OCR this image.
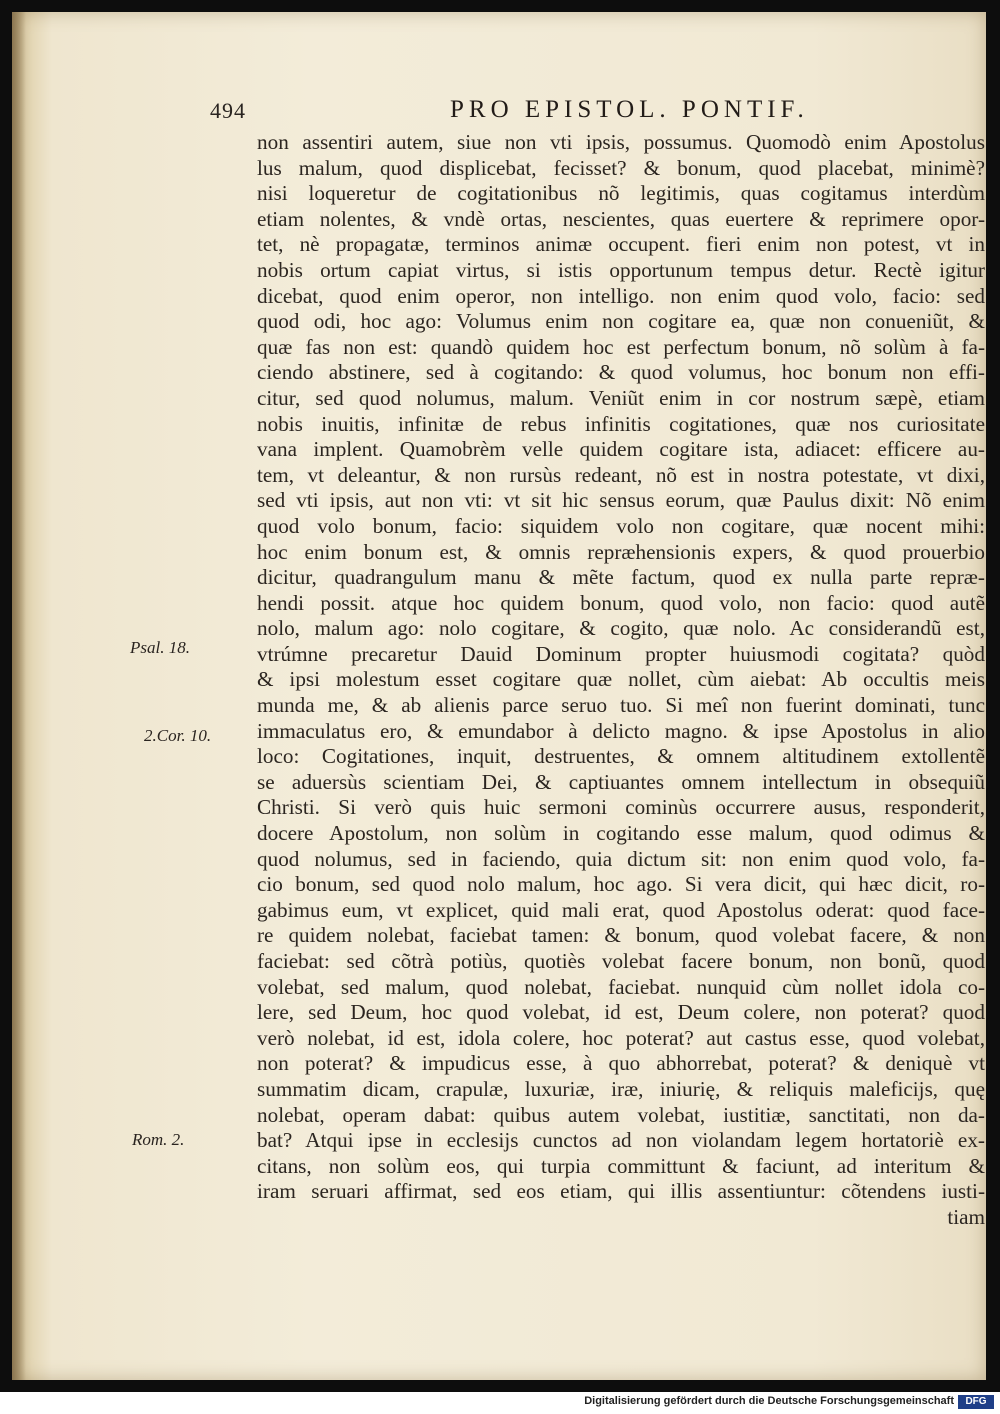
494	PRO EPISTOL. PONTIF.
Psal. 18.
2.Cor. 10.
Rom. 2.
non assentiri autem, siue non vti ipsis, possumus. Quomodò enim Apostolus
lus malum, quod displicebat, fecisset? & bonum, quod placebat, minimè?
nisi loqueretur de cogitationibus nõ legitimis, quas cogitamus interdùm
etiam nolentes, & vndè ortas, nescientes, quas euertere & reprimere opor-
tet, nè propagatæ, terminos animæ occupent. fieri enim non potest, vt in
nobis ortum capiat virtus, si istis opportunum tempus detur. Rectè igitur
dicebat, quod enim operor, non intelligo. non enim quod volo, facio: sed
quod odi, hoc ago: Volumus enim non cogitare ea, quæ non conueniũt, &
quæ fas non est: quandò quidem hoc est perfectum bonum, nõ solùm à fa-
ciendo abstinere, sed à cogitando: & quod volumus, hoc bonum non effi-
citur, sed quod nolumus, malum. Veniũt enim in cor nostrum sæpè, etiam
nobis inuitis, infinitæ de rebus infinitis cogitationes, quæ nos curiositate
vana implent. Quamobrèm velle quidem cogitare ista, adiacet: efficere au-
tem, vt deleantur, & non rursùs redeant, nõ est in nostra potestate, vt dixi,
sed vti ipsis, aut non vti: vt sit hic sensus eorum, quæ Paulus dixit: Nõ enim
quod volo bonum, facio: siquidem volo non cogitare, quæ nocent mihi:
hoc enim bonum est, & omnis repræhensionis expers, & quod prouerbio
dicitur, quadrangulum manu & mẽte factum, quod ex nulla parte repræ-
hendi possit. atque hoc quidem bonum, quod volo, non facio: quod autẽ
nolo, malum ago: nolo cogitare, & cogito, quæ nolo. Ac considerandũ est,
vtrúmne precaretur Dauid Dominum propter huiusmodi cogitata? quòd
& ipsi molestum esset cogitare quæ nollet, cùm aiebat: Ab occultis meis
munda me, & ab alienis parce seruo tuo. Si meî non fuerint dominati, tunc
immaculatus ero, & emundabor à delicto magno. & ipse Apostolus in alio
loco: Cogitationes, inquit, destruentes, & omnem altitudinem extollentẽ
se aduersùs scientiam Dei, & captiuantes omnem intellectum in obsequiũ
Christi. Si verò quis huic sermoni cominùs occurrere ausus, responderit,
docere Apostolum, non solùm in cogitando esse malum, quod odimus &
quod nolumus, sed in faciendo, quia dictum sit: non enim quod volo, fa-
cio bonum, sed quod nolo malum, hoc ago. Si vera dicit, qui hæc dicit, ro-
gabimus eum, vt explicet, quid mali erat, quod Apostolus oderat: quod face-
re quidem nolebat, faciebat tamen: & bonum, quod volebat facere, & non
faciebat: sed cõtrà potiùs, quotiès volebat facere bonum, non bonũ, quod
volebat, sed malum, quod nolebat, faciebat. nunquid cùm nollet idola co-
lere, sed Deum, hoc quod volebat, id est, Deum colere, non poterat? quod
verò nolebat, id est, idola colere, hoc poterat? aut castus esse, quod volebat,
non poterat? & impudicus esse, à quo abhorrebat, poterat? & deniquè vt
summatim dicam, crapulæ, luxuriæ, iræ, iniurię, & reliquis maleficijs, quę
nolebat, operam dabat: quibus autem volebat, iustitiæ, sanctitati, non da-
bat? Atqui ipse in ecclesijs cunctos ad non violandam legem hortatoriè ex-
citans, non solùm eos, qui turpia committunt & faciunt, ad interitum &
iram seruari affirmat, sed eos etiam, qui illis assentiuntur: cõtendens iusti-
tiam
Digitalisierung gefördert durch die Deutsche Forschungsgemeinschaft	DFG
